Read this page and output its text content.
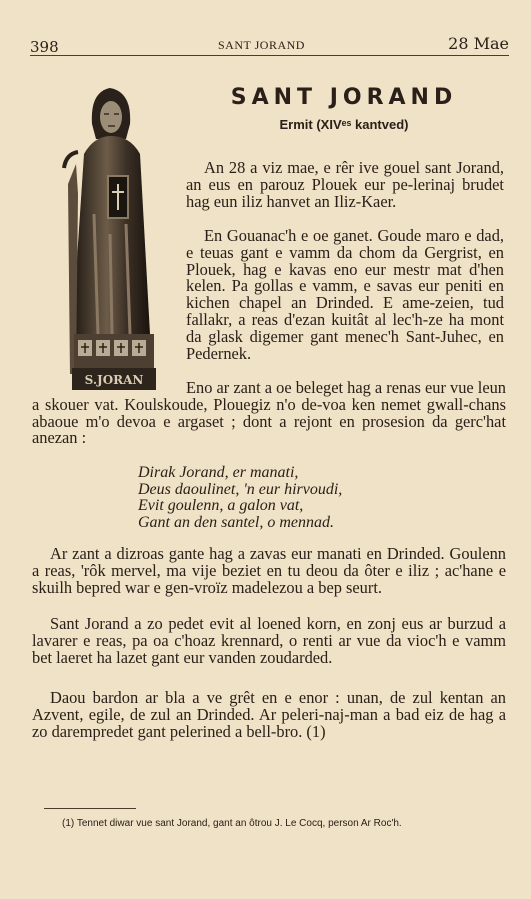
398	SANT JORAND	28 Mae
S.JORAN
SANT JORAND
Ermit (XIVᵉˢ kantved)
An 28 a viz mae, e rêr ive gouel sant Jorand, an eus en parouz Plouek eur pe-lerinaj brudet hag eun iliz hanvet an Iliz-Kaer.
En Gouanac'h e oe ganet. Goude maro e dad, e teuas gant e vamm da chom da Gergrist, en Plouek, hag e kavas eno eur mestr mat d'hen kelen. Pa gollas e vamm, e savas eur peniti en kichen chapel an Drinded. E ame-zeien, tud fallakr, a reas d'ezan kuitât al lec'h-ze ha mont da glask digemer gant menec'h Sant-Juhec, en Pedernek.
Eno ar zant a oe beleget hag a renas eur vue leun a skouer vat. Koulskoude, Plouegiz n'o de-voa ken nemet gwall-chans abaoue m'o devoa e argaset ; dont a rejont en prosesion da gerc'hat anezan :
Dirak Jorand, er manati,
Deus daoulinet, 'n eur hirvoudi,
Evit goulenn, a galon vat,
Gant an den santel, o mennad.
Ar zant a dizroas gante hag a zavas eur manati en Drinded. Goulenn a reas, 'rôk mervel, ma vije beziet en tu deou da ôter e iliz ; ac'hane e skuilh bepred war e gen-vroïz madelezou a bep seurt.
Sant Jorand a zo pedet evit al loened korn, en zonj eus ar burzud a lavarer e reas, pa oa c'hoaz krennard, o renti ar vue da vioc'h e vamm bet laeret ha lazet gant eur vanden zoudarded.
Daou bardon ar bla a ve grêt en e enor : unan, de zul kentan an Azvent, egile, de zul an Drinded. Ar peleri-naj-man a bad eiz de hag a zo darempredet gant pelerined a bell-bro. (1)
(1) Tennet diwar vue sant Jorand, gant an ôtrou J. Le Cocq, person Ar Roc'h.
